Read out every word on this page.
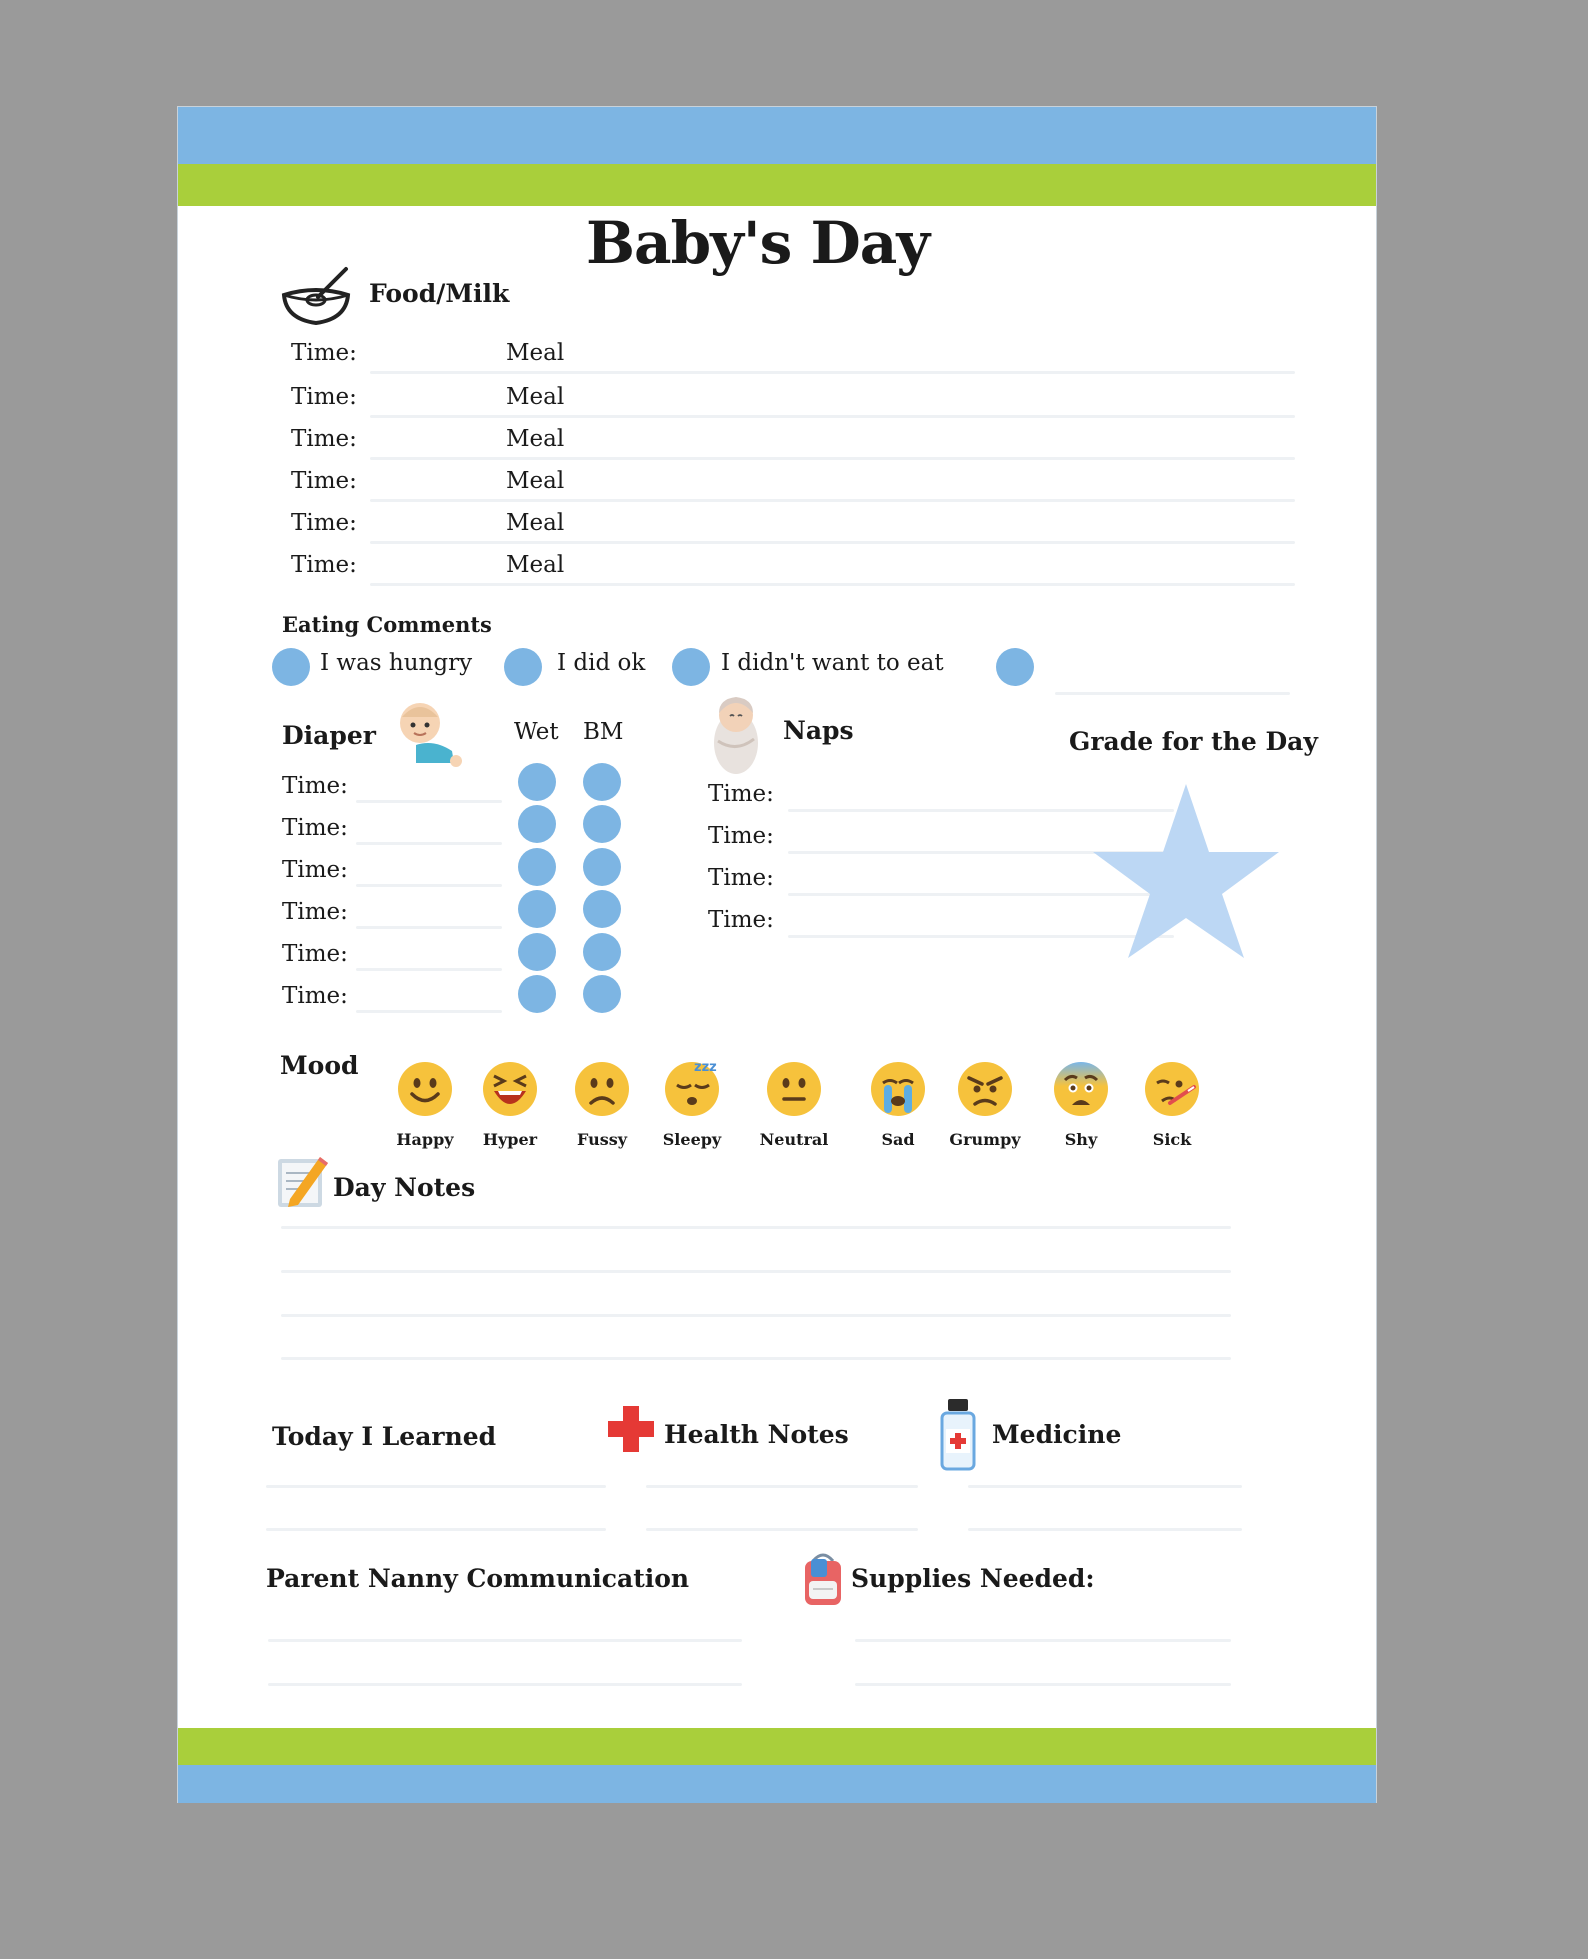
Baby's Day
Food/Milk
Time:	Meal
Time:	Meal
Time:	Meal
Time:	Meal
Time:	Meal
Time:	Meal
Eating Comments
I was hungry	I did ok	I didn't want to eat
Diaper	Wet BM
Time:
Time:
Time:
Time:
Time:
Time:
Naps
Time:
Time:
Time:
Time:
Grade for the Day
Mood
Happy	Hyper	Fussy
zzz
Sleepy	Neutral	Sad	Grumpy	Shy	Sick
Day Notes
Today I Learned	Health Notes	Medicine
Parent Nanny Communication	Supplies Needed:
